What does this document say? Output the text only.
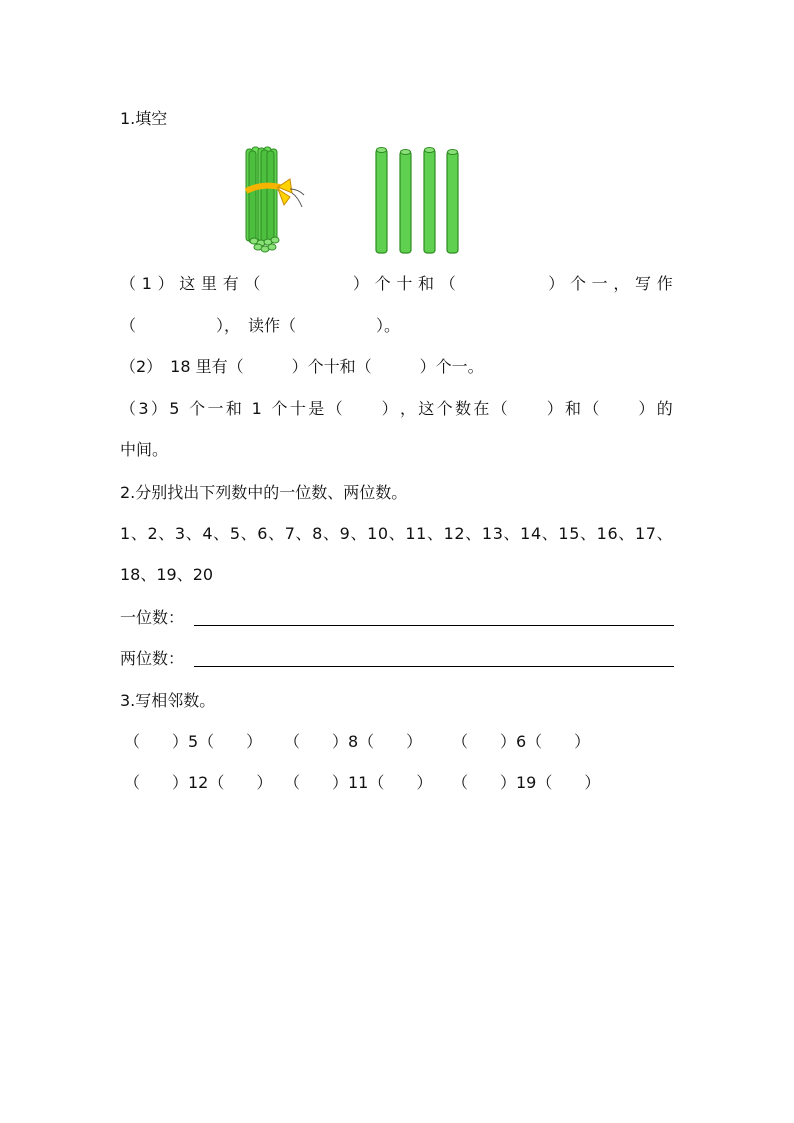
1.填空
（ 1 ） 这 里 有 （

　	） 个 十 和 （

　	） 个 一 ， 写 作
（　　　　　），　读作（　　　　　）。
（2）　18 里有（　　　）个十和（　　　）个一。
（ 3 ） 5
个 一 和
1
个 十 是 （

　 ） ， 这 个 数 在 （

　 ） 和 （

　 ） 的
中间。
2.分别找出下列数中的一位数、两位数。
1 、 2 、 3 、 4 、 5 、 6 、 7 、 8 、 9 、 1 0 、 1 1 、 1 2 、 1 3 、 1 4 、 1 5 、 1 6 、 1 7 、
18、19、20
一位数：
两位数：
3.写相邻数。
（　　）5（　　） （　　）8（　　） （　　）6（　　）
（　　）12（　　） （　　）11（　　） （　　）19（　　）
